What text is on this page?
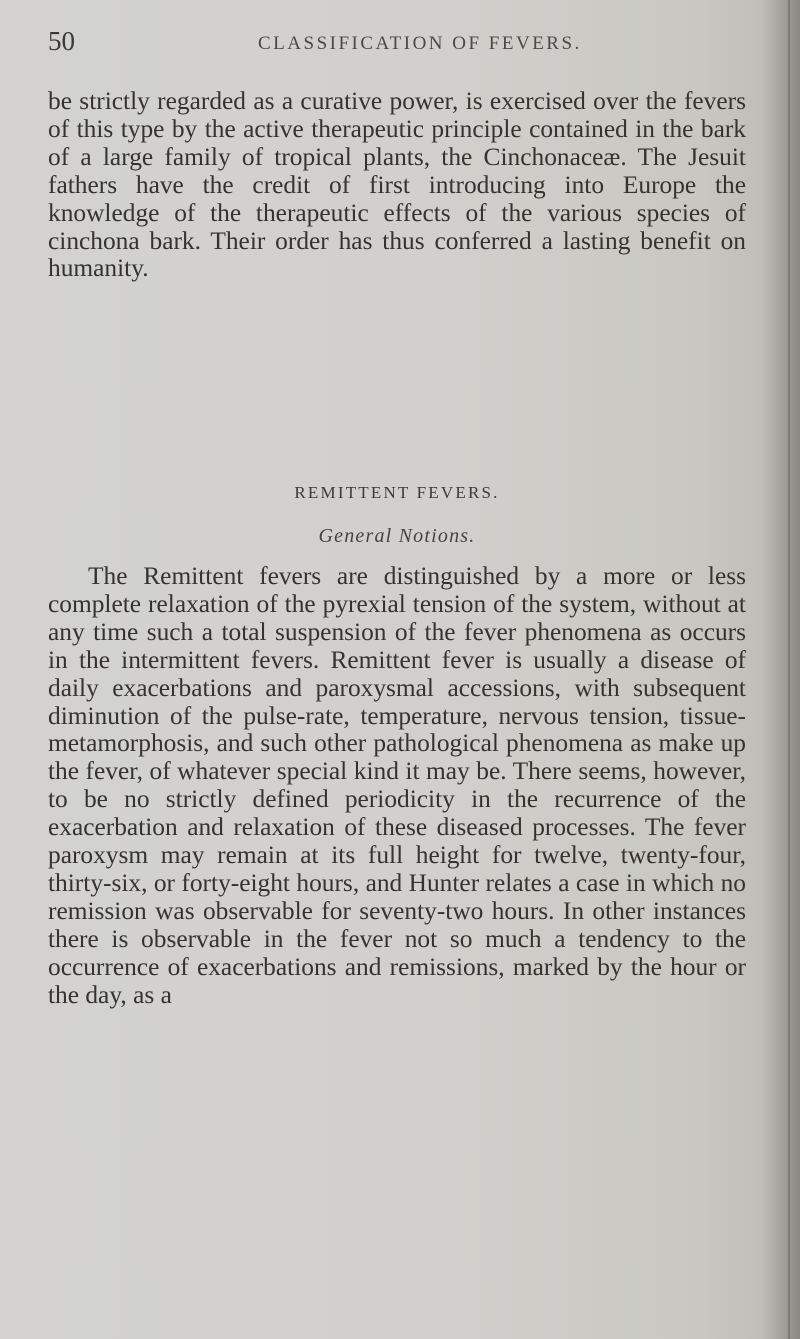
50	CLASSIFICATION OF FEVERS.

be strictly regarded as a curative power, is exercised over the fevers of this type by the active therapeutic principle contained in the bark of a large family of tropical plants, the Cinchonaceæ. The Jesuit fathers have the credit of first introducing into Europe the knowledge of the therapeutic effects of the various species of cinchona bark. Their order has thus conferred a lasting benefit on humanity.

REMITTENT FEVERS.
General Notions.

The Remittent fevers are distinguished by a more or less complete relaxation of the pyrexial tension of the system, without at any time such a total suspension of the fever phenomena as occurs in the intermittent fevers. Remittent fever is usually a disease of daily exacerbations and paroxysmal accessions, with subsequent diminution of the pulse-rate, temperature, nervous tension, tissue-metamorphosis, and such other pathological phenomena as make up the fever, of whatever special kind it may be. There seems, however, to be no strictly defined periodicity in the recurrence of the exacerbation and relaxation of these diseased processes. The fever paroxysm may remain at its full height for twelve, twenty-four, thirty-six, or forty-eight hours, and Hunter relates a case in which no remission was observable for seventy-two hours. In other instances there is observable in the fever not so much a tendency to the occurrence of exacerbations and remissions, marked by the hour or the day, as a
